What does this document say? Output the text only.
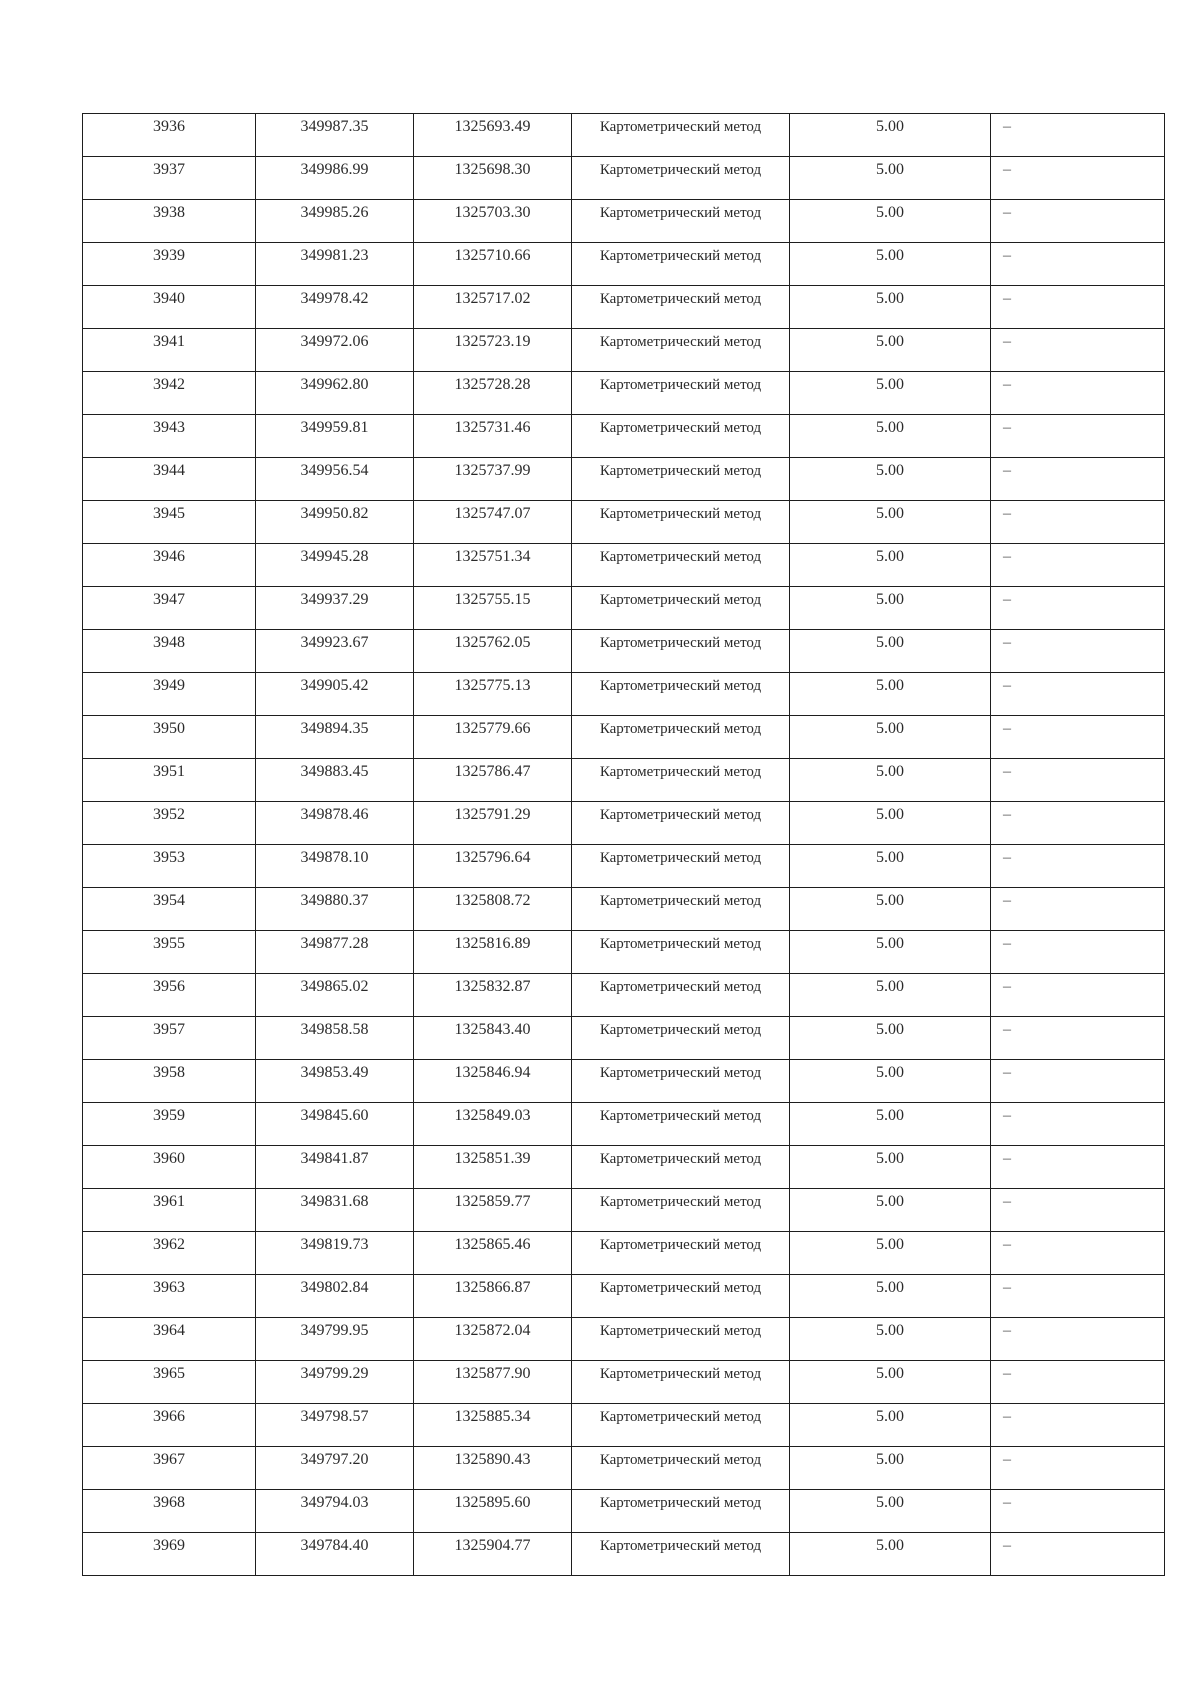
3936	349987.35	1325693.49	Картометрический метод	5.00	–

3937	349986.99	1325698.30	Картометрический метод	5.00	–

3938	349985.26	1325703.30	Картометрический метод	5.00	–

3939	349981.23	1325710.66	Картометрический метод	5.00	–

3940	349978.42	1325717.02	Картометрический метод	5.00	–

3941	349972.06	1325723.19	Картометрический метод	5.00	–

3942	349962.80	1325728.28	Картометрический метод	5.00	–

3943	349959.81	1325731.46	Картометрический метод	5.00	–

3944	349956.54	1325737.99	Картометрический метод	5.00	–

3945	349950.82	1325747.07	Картометрический метод	5.00	–

3946	349945.28	1325751.34	Картометрический метод	5.00	–

3947	349937.29	1325755.15	Картометрический метод	5.00	–

3948	349923.67	1325762.05	Картометрический метод	5.00	–

3949	349905.42	1325775.13	Картометрический метод	5.00	–

3950	349894.35	1325779.66	Картометрический метод	5.00	–

3951	349883.45	1325786.47	Картометрический метод	5.00	–

3952	349878.46	1325791.29	Картометрический метод	5.00	–

3953	349878.10	1325796.64	Картометрический метод	5.00	–

3954	349880.37	1325808.72	Картометрический метод	5.00	–

3955	349877.28	1325816.89	Картометрический метод	5.00	–

3956	349865.02	1325832.87	Картометрический метод	5.00	–

3957	349858.58	1325843.40	Картометрический метод	5.00	–

3958	349853.49	1325846.94	Картометрический метод	5.00	–

3959	349845.60	1325849.03	Картометрический метод	5.00	–

3960	349841.87	1325851.39	Картометрический метод	5.00	–

3961	349831.68	1325859.77	Картометрический метод	5.00	–

3962	349819.73	1325865.46	Картометрический метод	5.00	–

3963	349802.84	1325866.87	Картометрический метод	5.00	–

3964	349799.95	1325872.04	Картометрический метод	5.00	–

3965	349799.29	1325877.90	Картометрический метод	5.00	–

3966	349798.57	1325885.34	Картометрический метод	5.00	–

3967	349797.20	1325890.43	Картометрический метод	5.00	–

3968	349794.03	1325895.60	Картометрический метод	5.00	–

3969	349784.40	1325904.77	Картометрический метод	5.00	–
